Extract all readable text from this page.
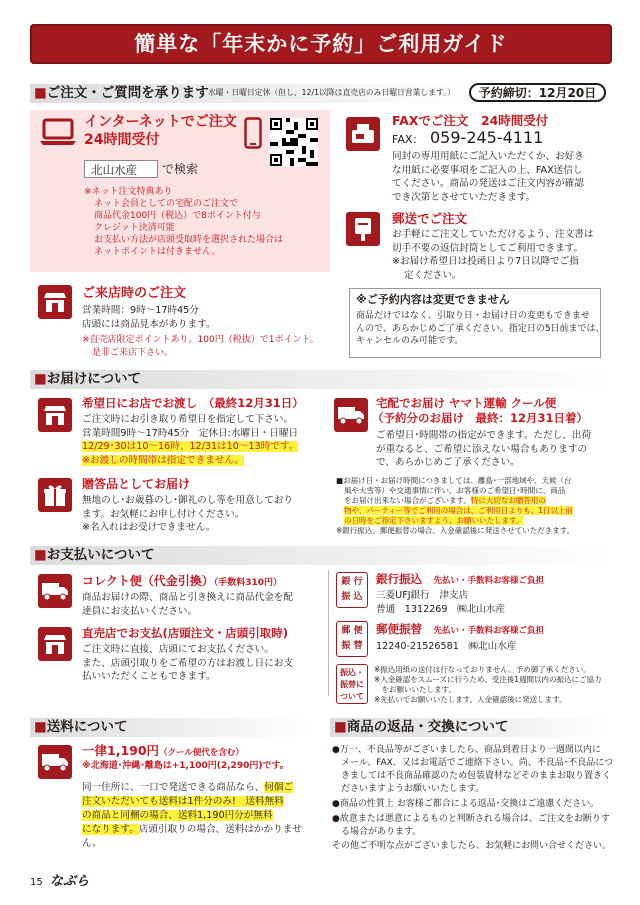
簡単な「年末かに予約」ご利用ガイド
■ご注文・ご質問を承ります 水曜・日曜日定休（但し、12/1以降は直売店のみ日曜日営業します。）	予約締切：12月20日
インターネットでご注文
24時間受付
北山水産	で検索
※ネット注文特典あり
ネット会員としての宅配のご注文で
商品代金100円（税込）で8ポイント付与
クレジット決済可能
お支払い方法が店頭受取時を選択された場合は
ネットポイントは付きません。
FAXでご注文　24時間受付
FAX： 059-245-4111
同封の専用用紙にご記入いただくか、お好き
な用紙に必要事項をご記入の上、FAX送信し
てください。商品の発送はご注文内容が確認
でき次第とさせていただきます。
郵送でご注文
お手軽にご注文していただけるよう、注文書は
切手不要の返信封筒としてご利用できます。
※お届け希望日は投函日より7日以降でご指
定ください。
ご来店時のご注文
営業時間：9時～17時45分
店頭には商品見本があります。
※直売店限定ポイントあり。100円（税抜）で1ポイント。
是非ご来店下さい。
※ご予約内容は変更できません
商品だけではなく、引取り日・お届け日の変更もできませ
んので、あらかじめご了承ください。指定日の5日前までは、
キャンセルのみ可能です。
■お届けについて
希望日にお店でお渡し　（最終12月31日）
ご注文時にお引き取り希望日を指定して下さい。
営業時間9時～17時45分　定休日:水曜日・日曜日
12/29･30は10～16時、12/31は10～13時です。
※お渡しの時間帯は指定できません。
贈答品としてお届け
無地のし･お歳暮のし･御礼のし等を用意しており
ます。お気軽にお申し付けください。
※名入れはお受けできません。
宅配でお届け ヤマト運輸 クール便
（予約分のお届け　最終：12月31日着）
ご希望日･時間帯の指定ができます。ただし、出荷
が重なると、ご希望に添えない場合もありますの
で、あらかじめご了承ください。
■お届け日・お届け時間につきましては、離島･一部地域や、天候（台
風や大雪等）や交通事情に伴い、お客様のご希望日･時間に、商品
をお届け出来ない場合がございます。特に大切なお贈答用の
物や、パーティー等でご利用の場合は、ご利用日よりも、1日以上前
の日時をご指定下さいますよう、お願いいたします。
※銀行振込、郵便振替の場合、入金確認後に発送させていただきます。
■お支払いについて
コレクト便（代金引換）（手数料310円）
商品お届けの際、商品と引き換えに商品代金を配
達員にお支払いください。
直売店でお支払(店頭注文・店頭引取時)
ご注文時に直接、店頭にてお支払ください。
また、店頭引取りをご希望の方はお渡し日にお支
払いいただくこともできます。
銀 行
振 込
銀行振込　 先払い・手数料お客様ご負担
三菱UFJ銀行　津支店
普通　1312269　㈱北山水産
郵 便
振 替
郵便振替　 先払い・手数料お客様ご負担
12240-21526581　㈱北山水産
振込・
振替に
ついて
※振込用紙の送付は行なっておりません。予め御了承ください。
※入金確認をスムーズに行うため、受注後1週間以内の振込にご協力
　をお願いいたします。
※先払いでお願いいたします。入金確認後に発送します。
■送料について
一律1,190円（クール便代を含む）
※北海道･沖縄･離島は+1,100円(2,290円)です。
同一住所に、一口で発送できる商品なら、何個ご
注文いただいても送料は1件分のみ!　送料無料
の商品と同梱の場合、送料1,190円分が無料
になります。店頭引取りの場合、送料はかかりませ
ん。
■商品の返品・交換について
●万一、不良品等がございましたら、商品到着日より一週間以内に
　メール、FAX、又はお電話でご連絡下さい。尚、不良品･不良品につ
　きましては不良商品確認のため包装資材などそのままお取り置きく
　ださいますようお願いいたします。
●商品の性質上 お客様ご都合による返品･交換はご遠慮ください。
●故意または悪意によるものと判断される場合は、ご注文をお断りす
　る場合があります。
その他ご不明な点がございましたら、お気軽にお問い合せください。
15 なぶら
